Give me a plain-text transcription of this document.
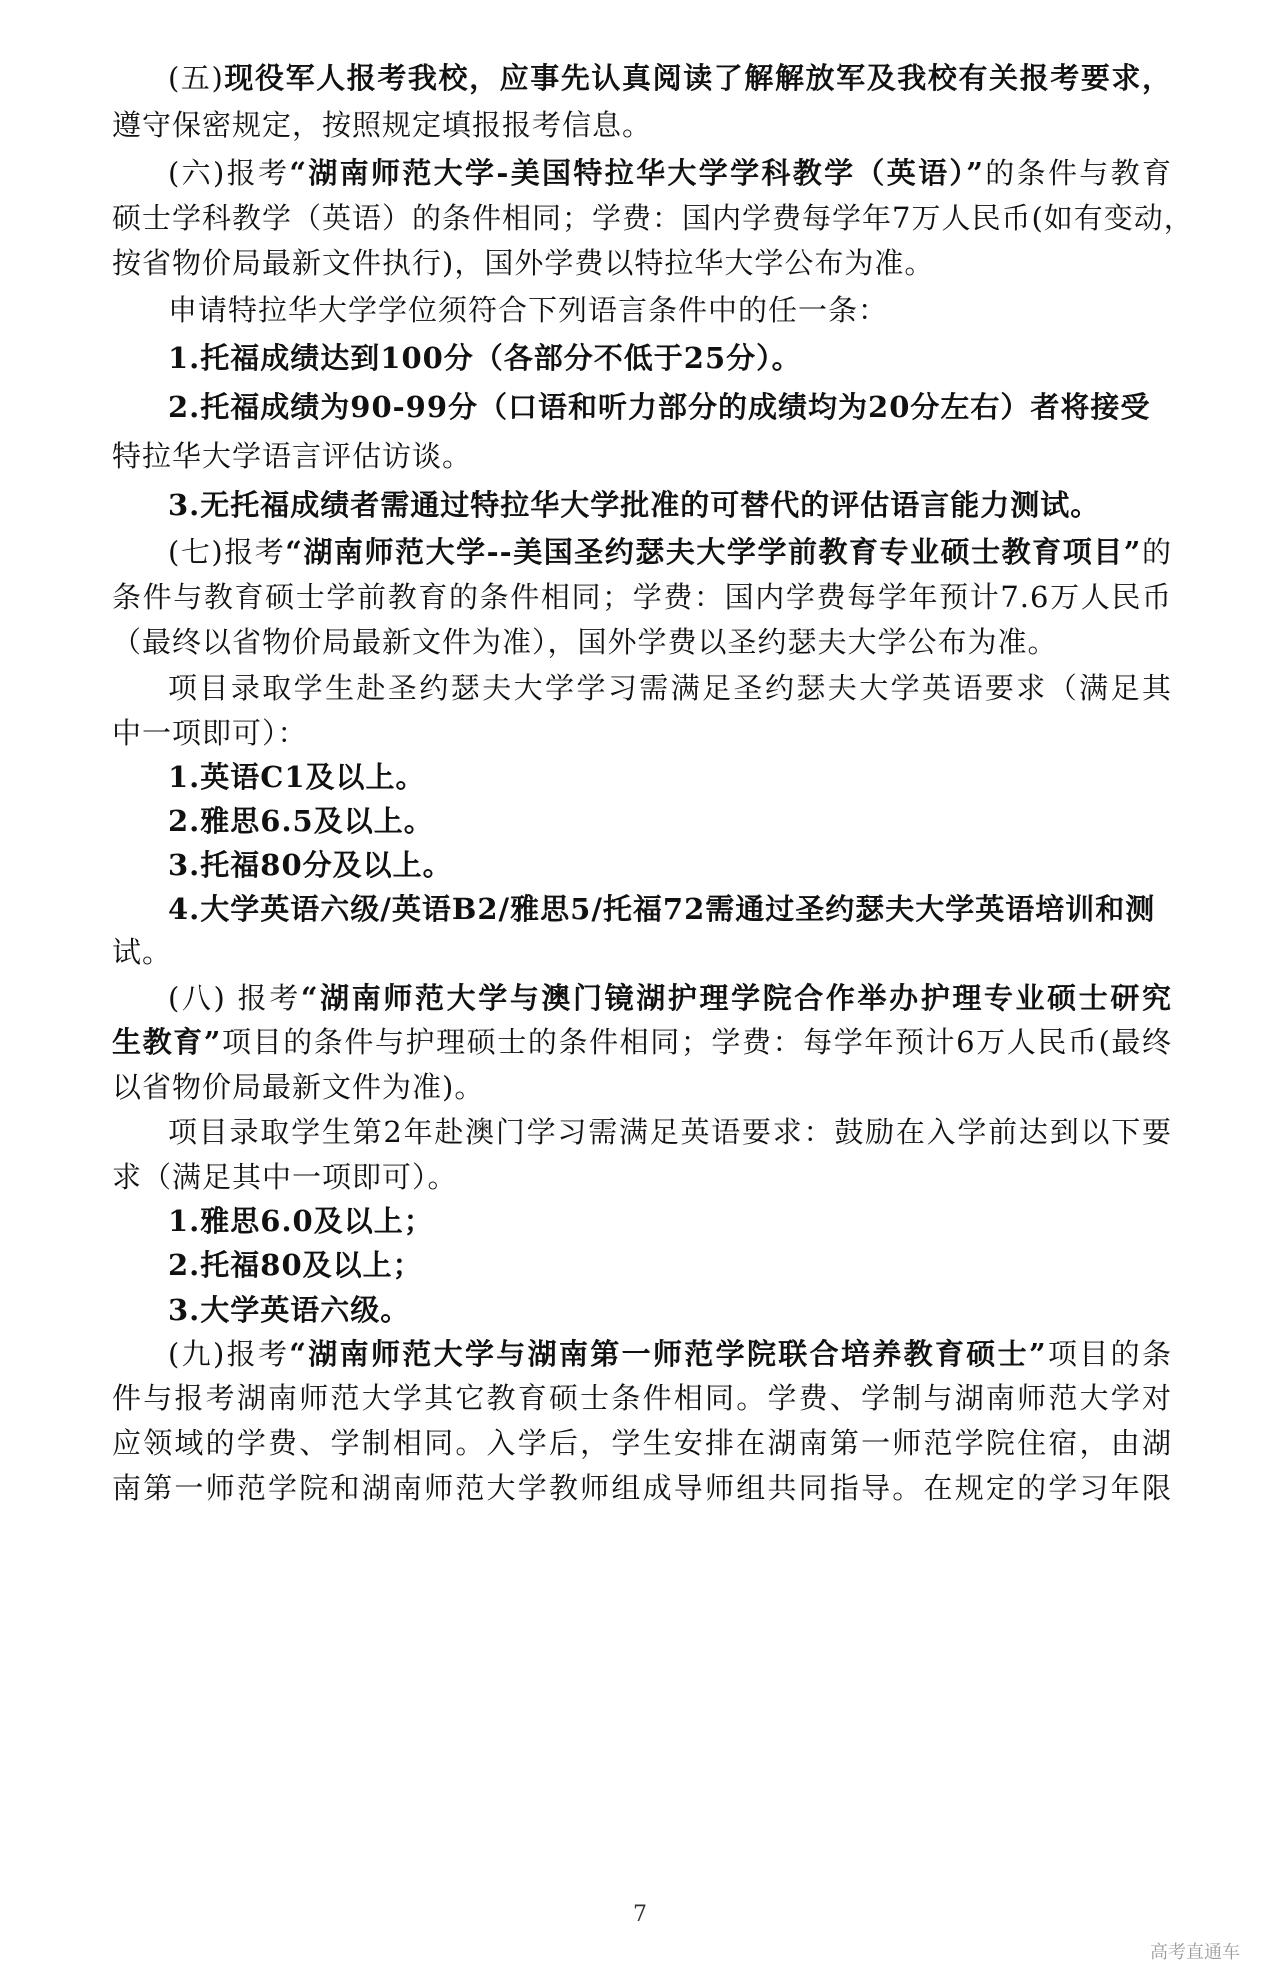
(五)现役军人报考我校，应事先认真阅读了解解放军及我校有关报考要求，
遵守保密规定，按照规定填报报考信息。
(六)报考“湖南师范大学-美国特拉华大学学科教学（英语）”的条件与教育
硕士学科教学（英语）的条件相同；学费：国内学费每学年7万人民币(如有变动，
按省物价局最新文件执行)，国外学费以特拉华大学公布为准。
申请特拉华大学学位须符合下列语言条件中的任一条：
1.托福成绩达到100分（各部分不低于25分）。
2.托福成绩为90-99分（口语和听力部分的成绩均为20分左右）者将接受
特拉华大学语言评估访谈。
3.无托福成绩者需通过特拉华大学批准的可替代的评估语言能力测试。
(七)报考“湖南师范大学--美国圣约瑟夫大学学前教育专业硕士教育项目”的
条件与教育硕士学前教育的条件相同；学费：国内学费每学年预计7.6万人民币
（最终以省物价局最新文件为准），国外学费以圣约瑟夫大学公布为准。
项目录取学生赴圣约瑟夫大学学习需满足圣约瑟夫大学英语要求（满足其
中一项即可）：
1.英语C1及以上。
2.雅思6.5及以上。
3.托福80分及以上。
4.大学英语六级/英语B2/雅思5/托福72需通过圣约瑟夫大学英语培训和测
试。
(八) 报考“湖南师范大学与澳门镜湖护理学院合作举办护理专业硕士研究
生教育”项目的条件与护理硕士的条件相同；学费：每学年预计6万人民币(最终
以省物价局最新文件为准)。
项目录取学生第2年赴澳门学习需满足英语要求：鼓励在入学前达到以下要
求（满足其中一项即可）。
1.雅思6.0及以上；
2.托福80及以上；
3.大学英语六级。
(九)报考“湖南师范大学与湖南第一师范学院联合培养教育硕士”项目的条
件与报考湖南师范大学其它教育硕士条件相同。学费、学制与湖南师范大学对
应领域的学费、学制相同。入学后，学生安排在湖南第一师范学院住宿，由湖
南第一师范学院和湖南师范大学教师组成导师组共同指导。在规定的学习年限
7
高考直通车
